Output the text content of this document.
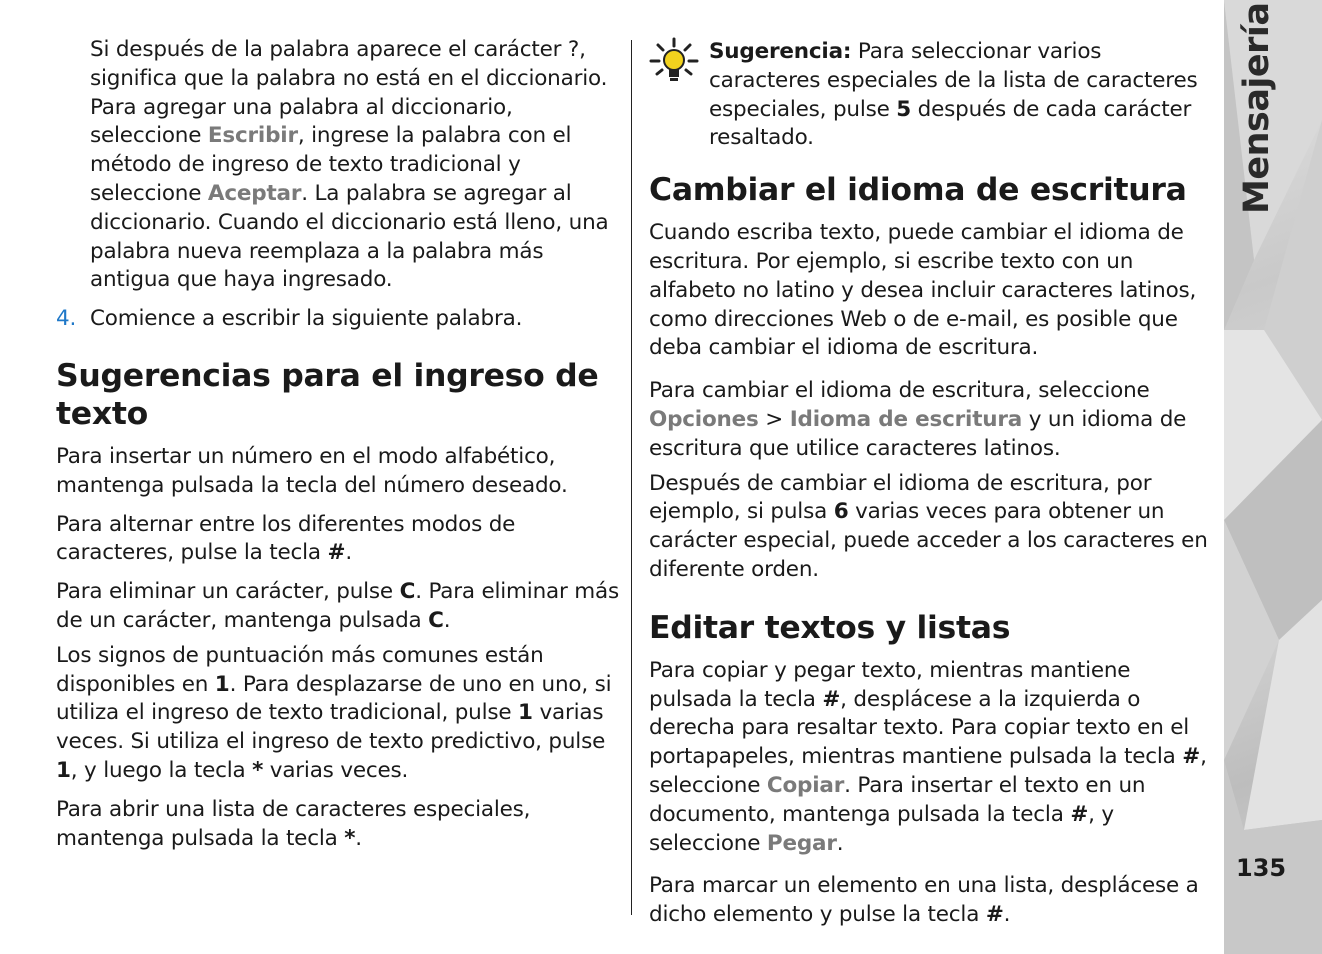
Si después de la palabra aparece el carácter ?, significa que la palabra no está en el diccionario. Para agregar una palabra al diccionario, seleccione Escribir, ingrese la palabra con el método de ingreso de texto tradicional y seleccione Aceptar. La palabra se agregar al diccionario. Cuando el diccionario está lleno, una palabra nueva reemplaza a la palabra más antigua que haya ingresado.

4. Comience a escribir la siguiente palabra.

Sugerencias para el ingreso de texto

Para insertar un número en el modo alfabético, mantenga pulsada la tecla del número deseado.

Para alternar entre los diferentes modos de caracteres, pulse la tecla #.

Para eliminar un carácter, pulse C. Para eliminar más de un carácter, mantenga pulsada C.

Los signos de puntuación más comunes están disponibles en 1. Para desplazarse de uno en uno, si utiliza el ingreso de texto tradicional, pulse 1 varias veces. Si utiliza el ingreso de texto predictivo, pulse 1, y luego la tecla * varias veces.

Para abrir una lista de caracteres especiales, mantenga pulsada la tecla *.

Sugerencia: Para seleccionar varios caracteres especiales de la lista de caracteres especiales, pulse 5 después de cada carácter resaltado.

Cambiar el idioma de escritura

Cuando escriba texto, puede cambiar el idioma de escritura. Por ejemplo, si escribe texto con un alfabeto no latino y desea incluir caracteres latinos, como direcciones Web o de e-mail, es posible que deba cambiar el idioma de escritura.

Para cambiar el idioma de escritura, seleccione Opciones > Idioma de escritura y un idioma de escritura que utilice caracteres latinos.

Después de cambiar el idioma de escritura, por ejemplo, si pulsa 6 varias veces para obtener un carácter especial, puede acceder a los caracteres en diferente orden.

Editar textos y listas

Para copiar y pegar texto, mientras mantiene pulsada la tecla #, desplácese a la izquierda o derecha para resaltar texto. Para copiar texto en el portapapeles, mientras mantiene pulsada la tecla #, seleccione Copiar. Para insertar el texto en un documento, mantenga pulsada la tecla #, y seleccione Pegar.

Para marcar un elemento en una lista, desplácese a dicho elemento y pulse la tecla #.

Mensajería
135
